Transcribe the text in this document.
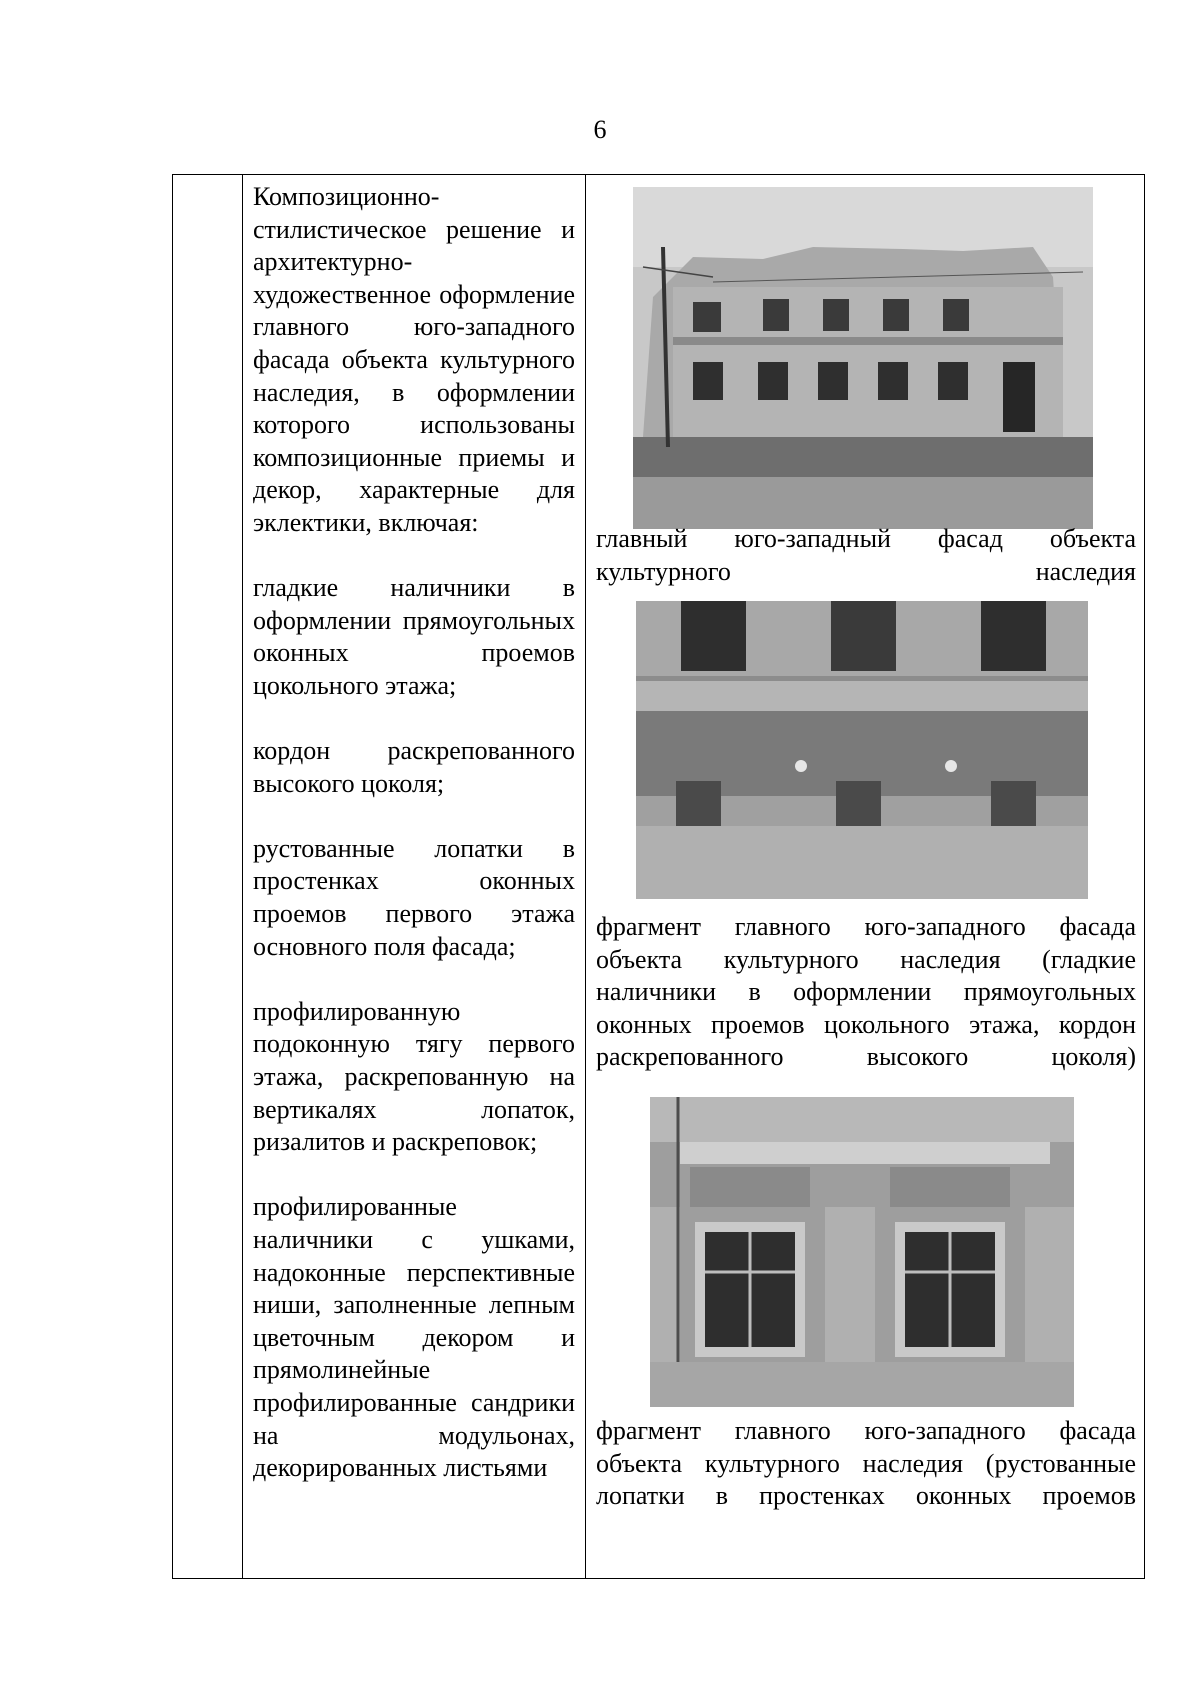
6

Композиционно-стилистическое решение и архитектурно-художественное оформление главного юго-западного фасада объекта культурного наследия, в оформлении которого использованы композиционные приемы и декор, характерные для эклектики, включая:

гладкие наличники в оформлении прямоугольных оконных проемов цокольного этажа;

кордон раскрепованного высокого цоколя;

рустованные лопатки в простенках оконных проемов первого этажа основного поля фасада;

профилированную подоконную тягу первого этажа, раскрепованную на вертикалях лопаток, ризалитов и раскреповок;

профилированные наличники с ушками, надоконные перспективные ниши, заполненные лепным цветочным декором и прямолинейные профилированные сандрики на модульонах, декорированных листьями

главный юго-западный фасад объекта культурного наследия
фрагмент главного юго-западного фасада объекта культурного наследия (гладкие наличники в оформлении прямоугольных оконных проемов цокольного этажа, кордон раскрепованного высокого цоколя)
фрагмент главного юго-западного фасада объекта культурного наследия (рустованные лопатки в простенках оконных проемов
